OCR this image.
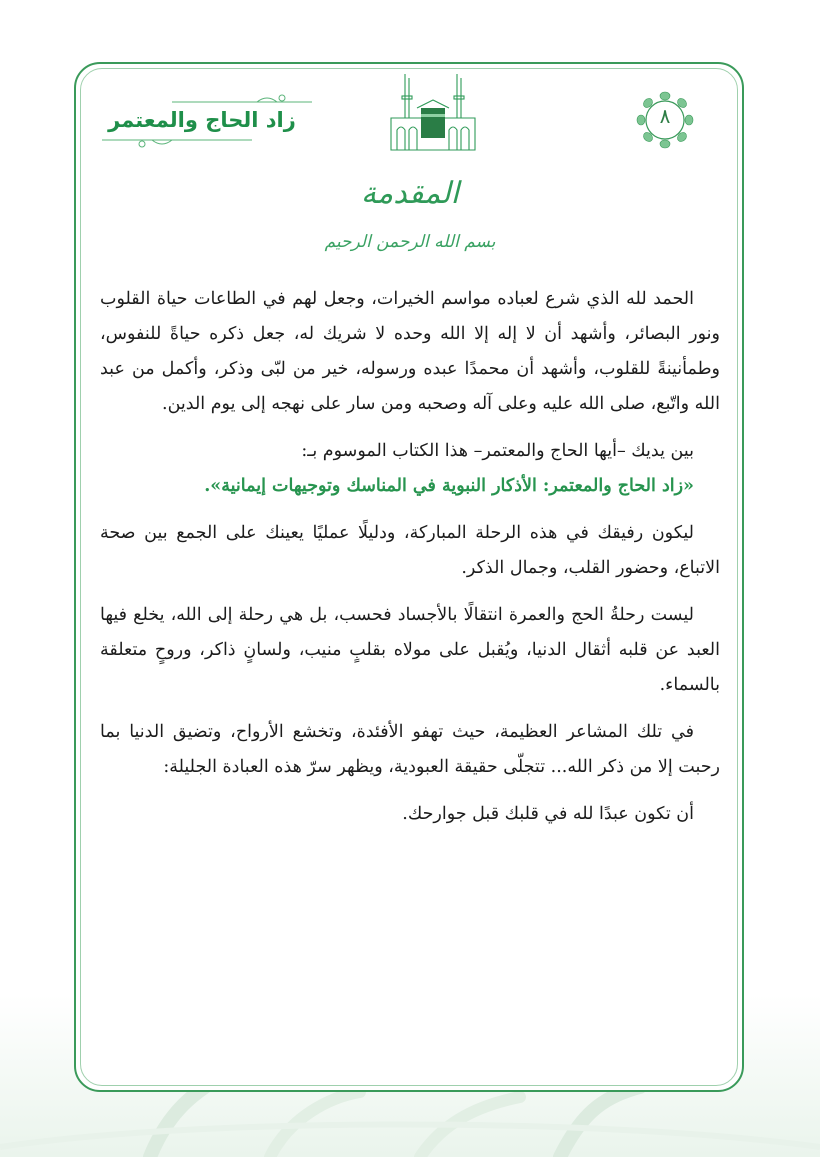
٨
زاد الحاج والمعتمر
المقدمة
بسم الله الرحمن الرحيم

الحمد لله الذي شرع لعباده مواسم الخيرات، وجعل لهم في الطاعات حياة القلوب ونور البصائر، وأشهد أن لا إله إلا الله وحده لا شريك له، جعل ذكره حياةً للنفوس، وطمأنينةً للقلوب، وأشهد أن محمدًا عبده ورسوله، خير من لبّى وذكر، وأكمل من عبد الله واتّبع، صلى الله عليه وعلى آله وصحبه ومن سار على نهجه إلى يوم الدين.

بين يديك –أيها الحاج والمعتمر– هذا الكتاب الموسوم بـ:

«زاد الحاج والمعتمر: الأذكار النبوية في المناسك وتوجيهات إيمانية».

ليكون رفيقك في هذه الرحلة المباركة، ودليلًا عمليًا يعينك على الجمع بين صحة الاتباع، وحضور القلب، وجمال الذكر.

ليست رحلةُ الحج والعمرة انتقالًا بالأجساد فحسب، بل هي رحلة إلى الله، يخلع فيها العبد عن قلبه أثقال الدنيا، ويُقبل على مولاه بقلبٍ منيب، ولسانٍ ذاكر، وروحٍ متعلقة بالسماء.

في تلك المشاعر العظيمة، حيث تهفو الأفئدة، وتخشع الأرواح، وتضيق الدنيا بما رحبت إلا من ذكر الله... تتجلّى حقيقة العبودية، ويظهر سرّ هذه العبادة الجليلة:

أن تكون عبدًا لله في قلبك قبل جوارحك.
